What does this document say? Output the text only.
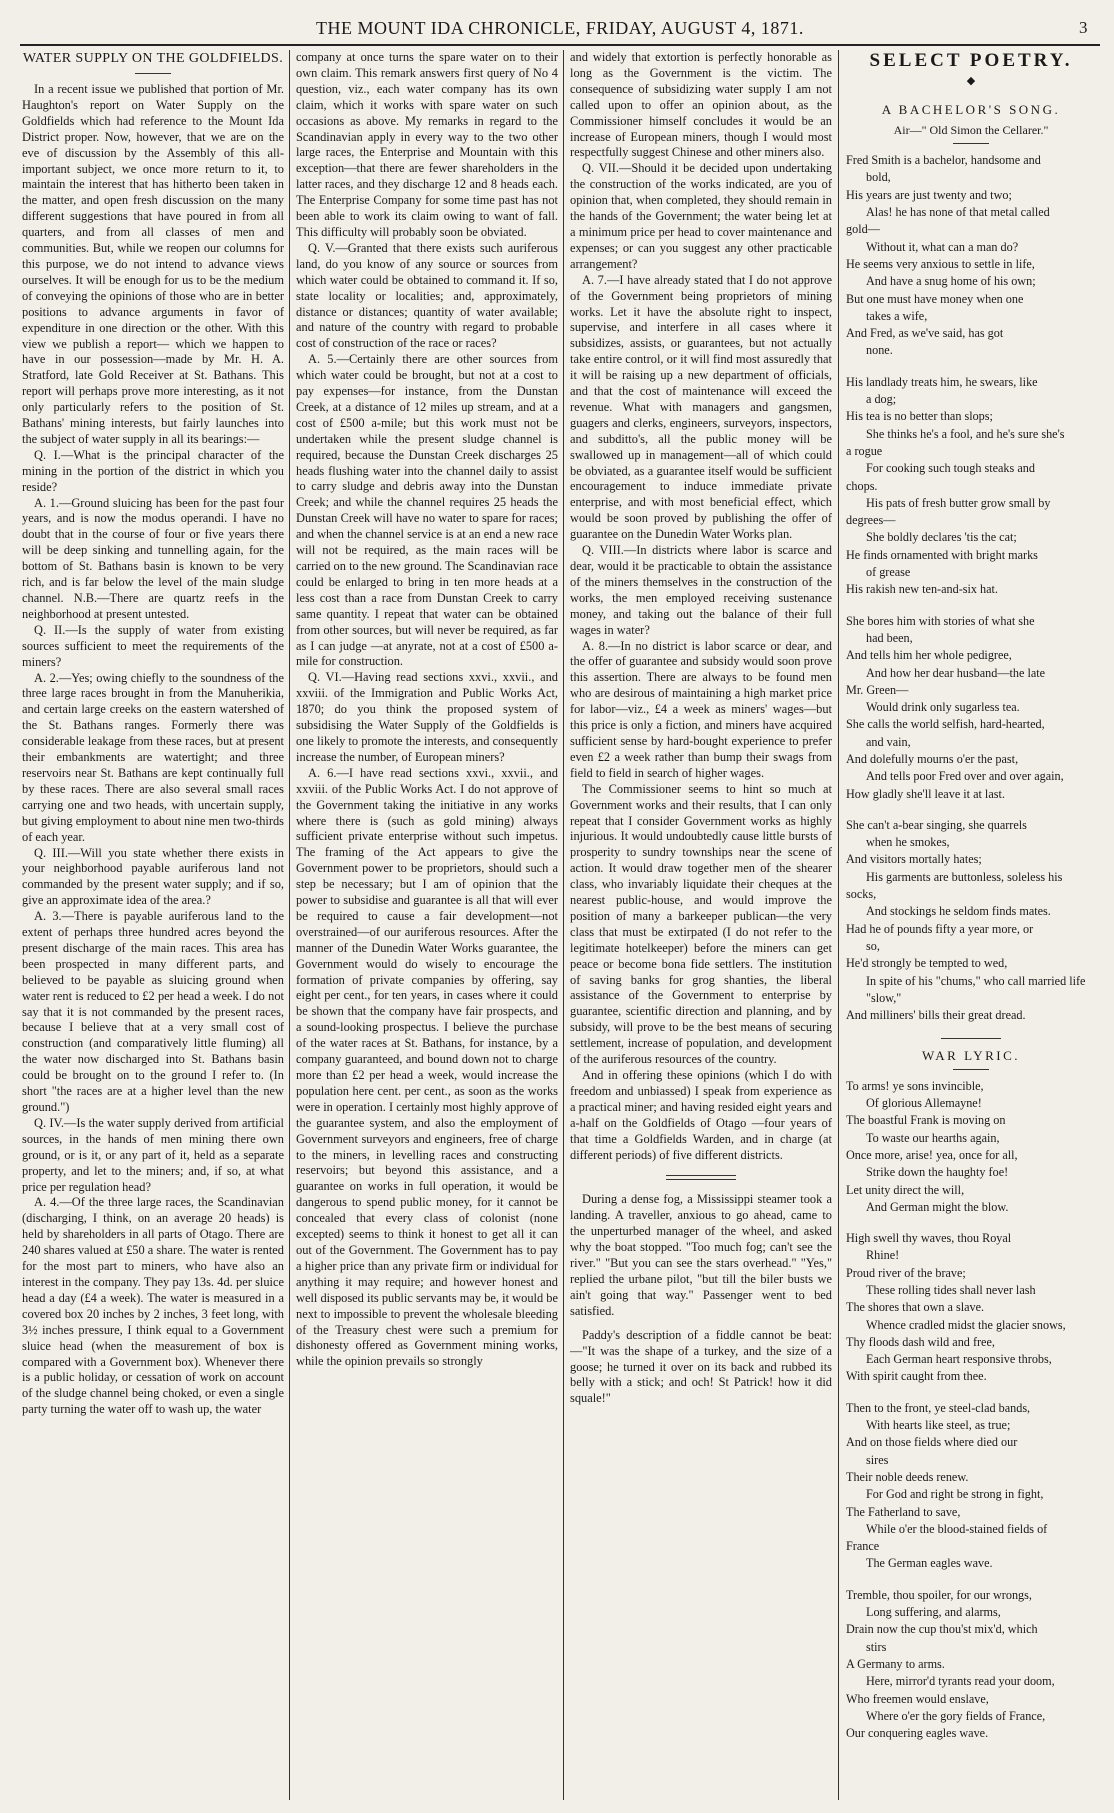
THE MOUNT IDA CHRONICLE, FRIDAY, AUGUST 4, 1871.	3
WATER SUPPLY ON THE GOLDFIELDS.

In a recent issue we published that portion of Mr. Haughton's report on Water Supply on the Goldfields which had reference to the Mount Ida District proper. Now, however, that we are on the eve of discussion by the Assembly of this all-important subject, we once more return to it, to maintain the interest that has hitherto been taken in the matter, and open fresh discussion on the many different suggestions that have poured in from all quarters, and from all classes of men and communities. But, while we reopen our columns for this purpose, we do not intend to advance views ourselves. It will be enough for us to be the medium of conveying the opinions of those who are in better positions to advance arguments in favor of expenditure in one direction or the other. With this view we publish a report— which we happen to have in our possession—made by Mr. H. A. Stratford, late Gold Receiver at St. Bathans. This report will perhaps prove more interesting, as it not only particularly refers to the position of St. Bathans' mining interests, but fairly launches into the subject of water supply in all its bearings:—

Q. I.—What is the principal character of the mining in the portion of the district in which you reside?

A. 1.—Ground sluicing has been for the past four years, and is now the modus operandi. I have no doubt that in the course of four or five years there will be deep sinking and tunnelling again, for the bottom of St. Bathans basin is known to be very rich, and is far below the level of the main sludge channel. N.B.—There are quartz reefs in the neighborhood at present untested.

Q. II.—Is the supply of water from existing sources sufficient to meet the requirements of the miners?

A. 2.—Yes; owing chiefly to the soundness of the three large races brought in from the Manuherikia, and certain large creeks on the eastern watershed of the St. Bathans ranges. Formerly there was considerable leakage from these races, but at present their embankments are watertight; and three reservoirs near St. Bathans are kept continually full by these races. There are also several small races carrying one and two heads, with uncertain supply, but giving employment to about nine men two-thirds of each year.

Q. III.—Will you state whether there exists in your neighborhood payable auriferous land not commanded by the present water supply; and if so, give an approximate idea of the area.?

A. 3.—There is payable auriferous land to the extent of perhaps three hundred acres beyond the present discharge of the main races. This area has been prospected in many different parts, and believed to be payable as sluicing ground when water rent is reduced to £2 per head a week. I do not say that it is not commanded by the present races, because I believe that at a very small cost of construction (and comparatively little fluming) all the water now discharged into St. Bathans basin could be brought on to the ground I refer to. (In short "the races are at a higher level than the new ground.")

Q. IV.—Is the water supply derived from artificial sources, in the hands of men mining there own ground, or is it, or any part of it, held as a separate property, and let to the miners; and, if so, at what price per regulation head?

A. 4.—Of the three large races, the Scandinavian (discharging, I think, on an average 20 heads) is held by shareholders in all parts of Otago. There are 240 shares valued at £50 a share. The water is rented for the most part to miners, who have also an interest in the company. They pay 13s. 4d. per sluice head a day (£4 a week). The water is measured in a covered box 20 inches by 2 inches, 3 feet long, with 3½ inches pressure, I think equal to a Government sluice head (when the measurement of box is compared with a Government box). Whenever there is a public holiday, or cessation of work on account of the sludge channel being choked, or even a single party turning the water off to wash up, the water

company at once turns the spare water on to their own claim. This remark answers first query of No 4 question, viz., each water company has its own claim, which it works with spare water on such occasions as above. My remarks in regard to the Scandinavian apply in every way to the two other large races, the Enterprise and Mountain with this exception—that there are fewer shareholders in the latter races, and they discharge 12 and 8 heads each. The Enterprise Company for some time past has not been able to work its claim owing to want of fall. This difficulty will probably soon be obviated.

Q. V.—Granted that there exists such auriferous land, do you know of any source or sources from which water could be obtained to command it. If so, state locality or localities; and, approximately, distance or distances; quantity of water available; and nature of the country with regard to probable cost of construction of the race or races?

A. 5.—Certainly there are other sources from which water could be brought, but not at a cost to pay expenses—for instance, from the Dunstan Creek, at a distance of 12 miles up stream, and at a cost of £500 a-mile; but this work must not be undertaken while the present sludge channel is required, because the Dunstan Creek discharges 25 heads flushing water into the channel daily to assist to carry sludge and debris away into the Dunstan Creek; and while the channel requires 25 heads the Dunstan Creek will have no water to spare for races; and when the channel service is at an end a new race will not be required, as the main races will be carried on to the new ground. The Scandinavian race could be enlarged to bring in ten more heads at a less cost than a race from Dunstan Creek to carry same quantity. I repeat that water can be obtained from other sources, but will never be required, as far as I can judge —at anyrate, not at a cost of £500 a-mile for construction.

Q. VI.—Having read sections xxvi., xxvii., and xxviii. of the Immigration and Public Works Act, 1870; do you think the proposed system of subsidising the Water Supply of the Goldfields is one likely to promote the interests, and consequently increase the number, of European miners?

A. 6.—I have read sections xxvi., xxvii., and xxviii. of the Public Works Act. I do not approve of the Government taking the initiative in any works where there is (such as gold mining) always sufficient private enterprise without such impetus. The framing of the Act appears to give the Government power to be proprietors, should such a step be necessary; but I am of opinion that the power to subsidise and guarantee is all that will ever be required to cause a fair development—not overstrained—of our auriferous resources. After the manner of the Dunedin Water Works guarantee, the Government would do wisely to encourage the formation of private companies by offering, say eight per cent., for ten years, in cases where it could be shown that the company have fair prospects, and a sound-looking prospectus. I believe the purchase of the water races at St. Bathans, for instance, by a company guaranteed, and bound down not to charge more than £2 per head a week, would increase the population here cent. per cent., as soon as the works were in operation. I certainly most highly approve of the guarantee system, and also the employment of Government surveyors and engineers, free of charge to the miners, in levelling races and constructing reservoirs; but beyond this assistance, and a guarantee on works in full operation, it would be dangerous to spend public money, for it cannot be concealed that every class of colonist (none excepted) seems to think it honest to get all it can out of the Government. The Government has to pay a higher price than any private firm or individual for anything it may require; and however honest and well disposed its public servants may be, it would be next to impossible to prevent the wholesale bleeding of the Treasury chest were such a premium for dishonesty offered as Government mining works, while the opinion prevails so strongly

and widely that extortion is perfectly honorable as long as the Government is the victim. The consequence of subsidizing water supply I am not called upon to offer an opinion about, as the Commissioner himself concludes it would be an increase of European miners, though I would most respectfully suggest Chinese and other miners also.

Q. VII.—Should it be decided upon undertaking the construction of the works indicated, are you of opinion that, when completed, they should remain in the hands of the Government; the water being let at a minimum price per head to cover maintenance and expenses; or can you suggest any other practicable arrangement?

A. 7.—I have already stated that I do not approve of the Government being proprietors of mining works. Let it have the absolute right to inspect, supervise, and interfere in all cases where it subsidizes, assists, or guarantees, but not actually take entire control, or it will find most assuredly that it will be raising up a new department of officials, and that the cost of maintenance will exceed the revenue. What with managers and gangsmen, guagers and clerks, engineers, surveyors, inspectors, and subditto's, all the public money will be swallowed up in management—all of which could be obviated, as a guarantee itself would be sufficient encouragement to induce immediate private enterprise, and with most beneficial effect, which would be soon proved by publishing the offer of guarantee on the Dunedin Water Works plan.

Q. VIII.—In districts where labor is scarce and dear, would it be practicable to obtain the assistance of the miners themselves in the construction of the works, the men employed receiving sustenance money, and taking out the balance of their full wages in water?

A. 8.—In no district is labor scarce or dear, and the offer of guarantee and subsidy would soon prove this assertion. There are always to be found men who are desirous of maintaining a high market price for labor—viz., £4 a week as miners' wages—but this price is only a fiction, and miners have acquired sufficient sense by hard-bought experience to prefer even £2 a week rather than bump their swags from field to field in search of higher wages.

The Commissioner seems to hint so much at Government works and their results, that I can only repeat that I consider Government works as highly injurious. It would undoubtedly cause little bursts of prosperity to sundry townships near the scene of action. It would draw together men of the shearer class, who invariably liquidate their cheques at the nearest public-house, and would improve the position of many a barkeeper publican—the very class that must be extirpated (I do not refer to the legitimate hotelkeeper) before the miners can get peace or become bona fide settlers. The institution of saving banks for grog shanties, the liberal assistance of the Government to enterprise by guarantee, scientific direction and planning, and by subsidy, will prove to be the best means of securing settlement, increase of population, and development of the auriferous resources of the country.

And in offering these opinions (which I do with freedom and unbiassed) I speak from experience as a practical miner; and having resided eight years and a-half on the Goldfields of Otago —four years of that time a Goldfields Warden, and in charge (at different periods) of five different districts.

During a dense fog, a Mississippi steamer took a landing. A traveller, anxious to go ahead, came to the unperturbed manager of the wheel, and asked why the boat stopped. "Too much fog; can't see the river." "But you can see the stars overhead." "Yes," replied the urbane pilot, "but till the biler busts we ain't going that way." Passenger went to bed satisfied.

Paddy's description of a fiddle cannot be beat:—"It was the shape of a turkey, and the size of a goose; he turned it over on its back and rubbed its belly with a stick; and och! St Patrick! how it did squale!"

SELECT POETRY.
◆
A BACHELOR'S SONG.
Air—" Old Simon the Cellarer."
Fred Smith is a bachelor, handsome and
bold,
His years are just twenty and two;
Alas! he has none of that metal called
gold—
Without it, what can a man do?
He seems very anxious to settle in life,
And have a snug home of his own;
But one must have money when one
takes a wife,
And Fred, as we've said, has got
none.
His landlady treats him, he swears, like
a dog;
His tea is no better than slops;
She thinks he's a fool, and he's sure she's
a rogue
For cooking such tough steaks and
chops.
His pats of fresh butter grow small by
degrees—
She boldly declares 'tis the cat;
He finds ornamented with bright marks
of grease
His rakish new ten-and-six hat.
She bores him with stories of what she
had been,
And tells him her whole pedigree,
And how her dear husband—the late
Mr. Green—
Would drink only sugarless tea.
She calls the world selfish, hard-hearted,
and vain,
And dolefully mourns o'er the past,
And tells poor Fred over and over again,
How gladly she'll leave it at last.
She can't a-bear singing, she quarrels
when he smokes,
And visitors mortally hates;
His garments are buttonless, soleless his
socks,
And stockings he seldom finds mates.
Had he of pounds fifty a year more, or
so,
He'd strongly be tempted to wed,
In spite of his "chums," who call married life "slow,"
And milliners' bills their great dread.
WAR LYRIC.
To arms! ye sons invincible,
Of glorious Allemayne!
The boastful Frank is moving on
To waste our hearths again,
Once more, arise! yea, once for all,
Strike down the haughty foe!
Let unity direct the will,
And German might the blow.
High swell thy waves, thou Royal
Rhine!
Proud river of the brave;
These rolling tides shall never lash
The shores that own a slave.
Whence cradled midst the glacier snows,
Thy floods dash wild and free,
Each German heart responsive throbs,
With spirit caught from thee.
Then to the front, ye steel-clad bands,
With hearts like steel, as true;
And on those fields where died our
sires
Their noble deeds renew.
For God and right be strong in fight,
The Fatherland to save,
While o'er the blood-stained fields of
France
The German eagles wave.
Tremble, thou spoiler, for our wrongs,
Long suffering, and alarms,
Drain now the cup thou'st mix'd, which
stirs
A Germany to arms.
Here, mirror'd tyrants read your doom,
Who freemen would enslave,
Where o'er the gory fields of France,
Our conquering eagles wave.
